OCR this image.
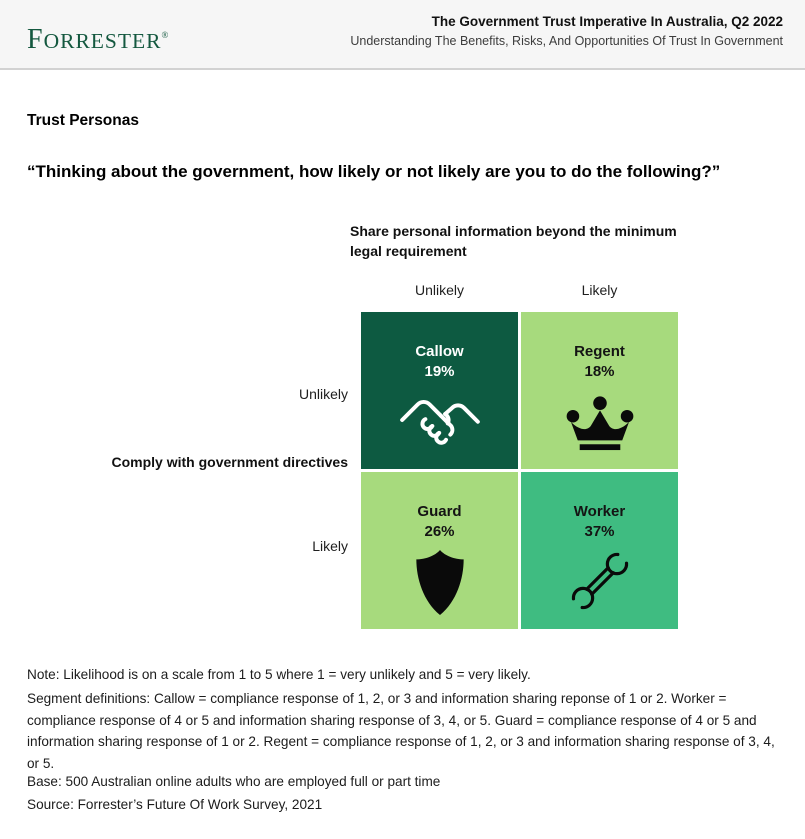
FORRESTER®
The Government Trust Imperative In Australia, Q2 2022
Understanding The Benefits, Risks, And Opportunities Of Trust In Government
Trust Personas
“Thinking about the government, how likely or not likely are you to do the following?”
Share personal information beyond the minimum legal requirement
Unlikely	Likely
Unlikely
Likely
Comply with government directives
Callow
19%
Regent
18%
Guard
26%
Worker
37%
Note: Likelihood is on a scale from 1 to 5 where 1 = very unlikely and 5 = very likely.
Segment definitions: Callow = compliance response of 1, 2, or 3 and information sharing reponse of 1 or 2. Worker = compliance response of 4 or 5 and information sharing response of 3, 4, or 5. Guard = compliance response of 4 or 5 and information sharing response of 1 or 2. Regent = compliance response of 1, 2, or 3 and information sharing response of 3, 4, or 5.
Base: 500 Australian online adults who are employed full or part time
Source: Forrester’s Future Of Work Survey, 2021
